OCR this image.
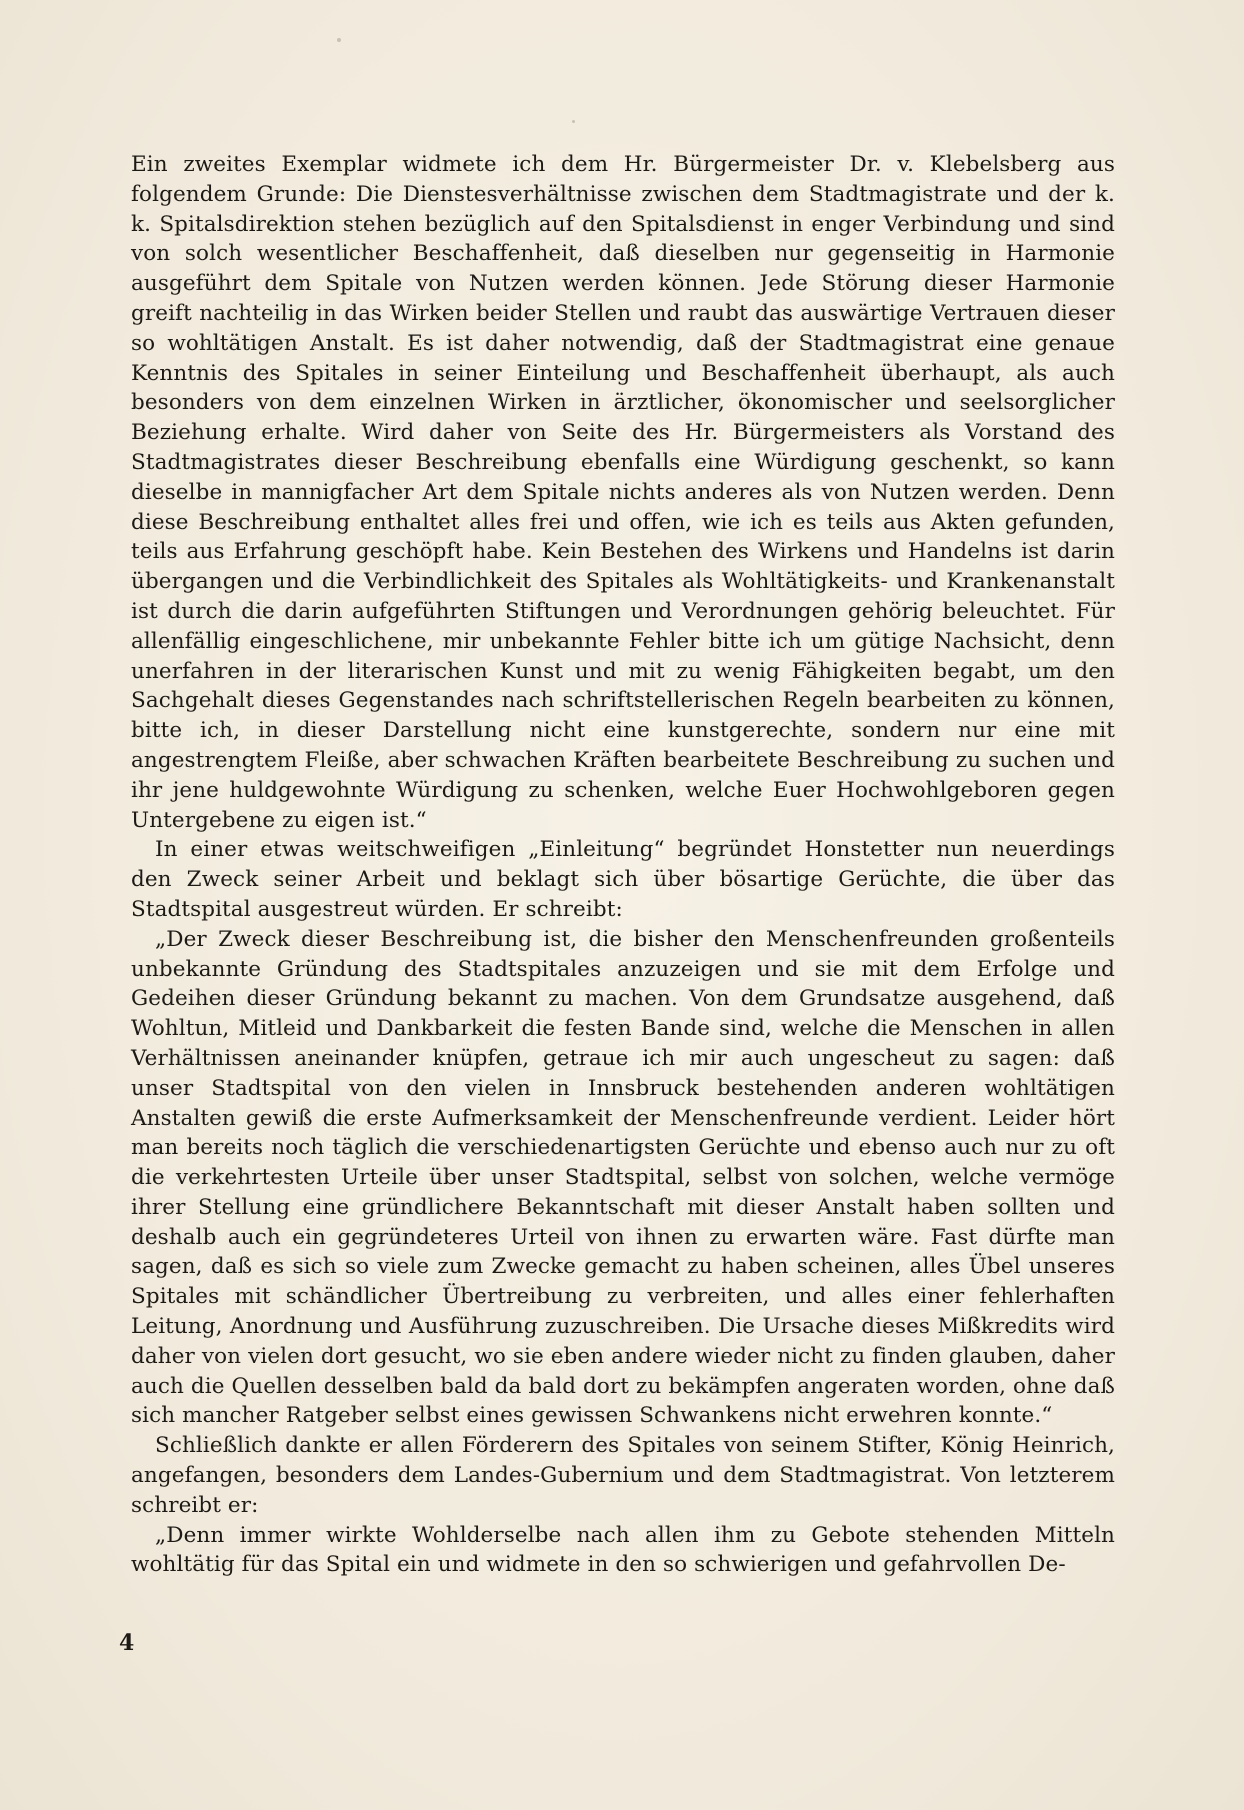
Ein zweites Exemplar widmete ich dem Hr. Bürgermeister Dr. v. Klebelsberg aus folgendem Grunde: Die Dienstesverhältnisse zwischen dem Stadtmagistrate und der k. k. Spitalsdirektion stehen bezüglich auf den Spitalsdienst in enger Verbindung und sind von solch wesentlicher Beschaffenheit, daß dieselben nur gegenseitig in Harmonie ausgeführt dem Spitale von Nutzen werden können. Jede Störung dieser Harmonie greift nachteilig in das Wirken beider Stellen und raubt das auswärtige Vertrauen dieser so wohltätigen Anstalt. Es ist daher notwendig, daß der Stadtmagistrat eine genaue Kenntnis des Spitales in seiner Einteilung und Beschaffenheit überhaupt, als auch besonders von dem einzelnen Wirken in ärztlicher, ökonomischer und seelsorglicher Beziehung erhalte. Wird daher von Seite des Hr. Bürgermeisters als Vorstand des Stadtmagistrates dieser Beschreibung ebenfalls eine Würdigung geschenkt, so kann dieselbe in mannigfacher Art dem Spitale nichts anderes als von Nutzen werden. Denn diese Beschreibung enthaltet alles frei und offen, wie ich es teils aus Akten gefunden, teils aus Erfahrung geschöpft habe. Kein Bestehen des Wirkens und Handelns ist darin übergangen und die Verbindlichkeit des Spitales als Wohltätigkeits- und Krankenanstalt ist durch die darin aufgeführten Stiftungen und Verordnungen gehörig beleuchtet. Für allenfällig eingeschlichene, mir unbekannte Fehler bitte ich um gütige Nachsicht, denn unerfahren in der literarischen Kunst und mit zu wenig Fähigkeiten begabt, um den Sachgehalt dieses Gegenstandes nach schriftstellerischen Regeln bearbeiten zu können, bitte ich, in dieser Darstellung nicht eine kunstgerechte, sondern nur eine mit angestrengtem Fleiße, aber schwachen Kräften bearbeitete Beschreibung zu suchen und ihr jene huldgewohnte Würdigung zu schenken, welche Euer Hochwohlgeboren gegen Untergebene zu eigen ist.“

In einer etwas weitschweifigen „Einleitung“ begründet Honstetter nun neuerdings den Zweck seiner Arbeit und beklagt sich über bösartige Gerüchte, die über das Stadtspital ausgestreut würden. Er schreibt:

„Der Zweck dieser Beschreibung ist, die bisher den Menschenfreunden großenteils unbekannte Gründung des Stadtspitales anzuzeigen und sie mit dem Erfolge und Gedeihen dieser Gründung bekannt zu machen. Von dem Grundsatze ausgehend, daß Wohltun, Mitleid und Dankbarkeit die festen Bande sind, welche die Menschen in allen Verhältnissen aneinander knüpfen, getraue ich mir auch ungescheut zu sagen: daß unser Stadtspital von den vielen in Innsbruck bestehenden anderen wohltätigen Anstalten gewiß die erste Aufmerksamkeit der Menschenfreunde verdient. Leider hört man bereits noch täglich die verschiedenartigsten Gerüchte und ebenso auch nur zu oft die verkehrtesten Urteile über unser Stadtspital, selbst von solchen, welche vermöge ihrer Stellung eine gründlichere Bekanntschaft mit dieser Anstalt haben sollten und deshalb auch ein gegründeteres Urteil von ihnen zu erwarten wäre. Fast dürfte man sagen, daß es sich so viele zum Zwecke gemacht zu haben scheinen, alles Übel unseres Spitales mit schändlicher Übertreibung zu verbreiten, und alles einer fehlerhaften Leitung, Anordnung und Ausführung zuzuschreiben. Die Ursache dieses Mißkredits wird daher von vielen dort gesucht, wo sie eben andere wieder nicht zu finden glauben, daher auch die Quellen desselben bald da bald dort zu bekämpfen angeraten worden, ohne daß sich mancher Ratgeber selbst eines gewissen Schwankens nicht erwehren konnte.“

Schließlich dankte er allen Förderern des Spitales von seinem Stifter, König Heinrich, angefangen, besonders dem Landes-Gubernium und dem Stadtmagistrat. Von letzterem schreibt er:

„Denn immer wirkte Wohlderselbe nach allen ihm zu Gebote stehenden Mitteln wohltätig für das Spital ein und widmete in den so schwierigen und gefahrvollen De-

4
